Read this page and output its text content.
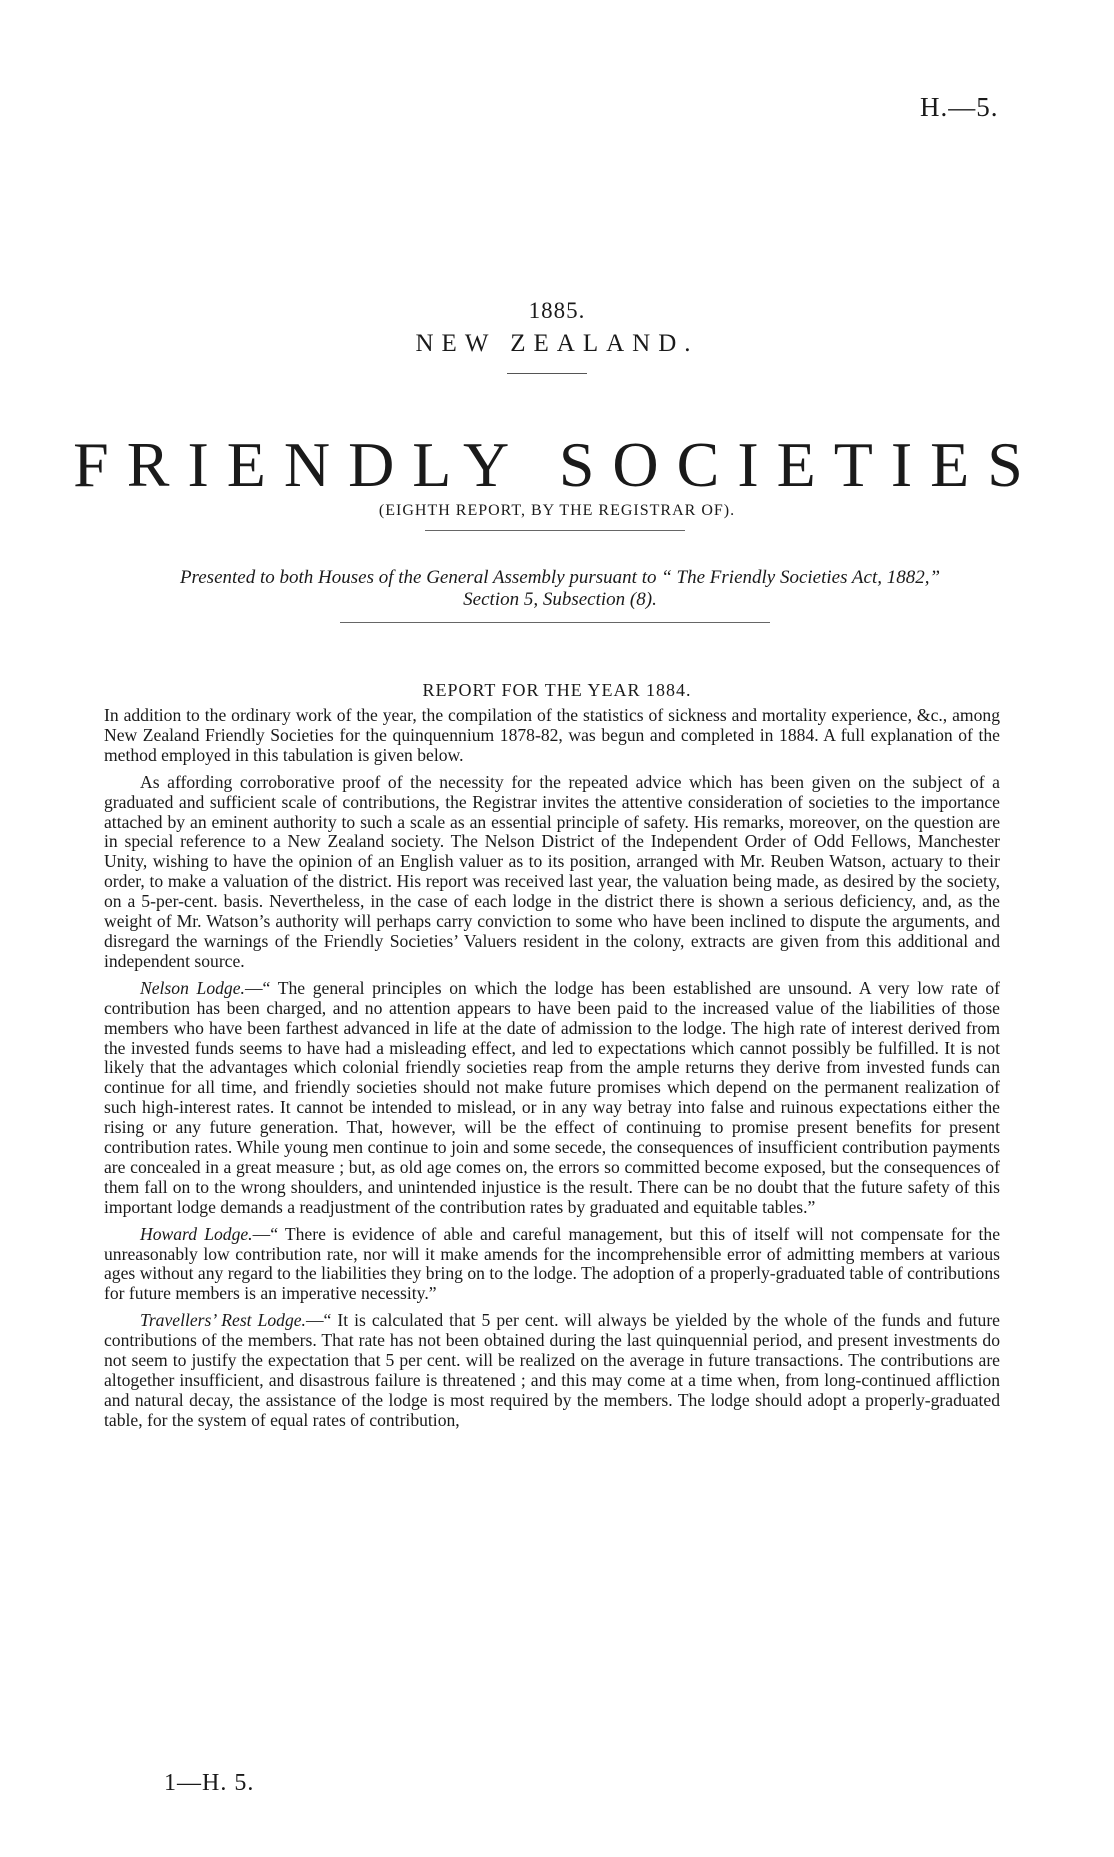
H.—5.
1885.
NEW ZEALAND.
FRIENDLY SOCIETIES
(EIGHTH REPORT, BY THE REGISTRAR OF).
Presented to both Houses of the General Assembly pursuant to “ The Friendly Societies Act, 1882,”
Section 5, Subsection (8).
REPORT FOR THE YEAR 1884.

In addition to the ordinary work of the year, the compilation of the statistics of sickness and mortality experience, &c., among New Zealand Friendly Societies for the quinquennium 1878-82, was begun and completed in 1884. A full explanation of the method employed in this tabulation is given below.

As affording corroborative proof of the necessity for the repeated advice which has been given on the subject of a graduated and sufficient scale of contributions, the Registrar invites the attentive consideration of societies to the importance attached by an eminent authority to such a scale as an essential principle of safety. His remarks, moreover, on the question are in special reference to a New Zealand society. The Nelson District of the Independent Order of Odd Fellows, Manchester Unity, wishing to have the opinion of an English valuer as to its position, arranged with Mr. Reuben Watson, actuary to their order, to make a valuation of the district. His report was received last year, the valuation being made, as desired by the society, on a 5-per-cent. basis. Nevertheless, in the case of each lodge in the district there is shown a serious deficiency, and, as the weight of Mr. Watson’s authority will perhaps carry conviction to some who have been inclined to dispute the arguments, and disregard the warnings of the Friendly Societies’ Valuers resident in the colony, extracts are given from this additional and independent source.

Nelson Lodge.—“ The general principles on which the lodge has been established are unsound. A very low rate of contribution has been charged, and no attention appears to have been paid to the increased value of the liabilities of those members who have been farthest advanced in life at the date of admission to the lodge. The high rate of interest derived from the invested funds seems to have had a misleading effect, and led to expectations which cannot possibly be fulfilled. It is not likely that the advantages which colonial friendly societies reap from the ample returns they derive from invested funds can continue for all time, and friendly societies should not make future promises which depend on the permanent realization of such high-interest rates. It cannot be intended to mislead, or in any way betray into false and ruinous expectations either the rising or any future generation. That, however, will be the effect of continuing to promise present benefits for present contribution rates. While young men continue to join and some secede, the consequences of insufficient contribution payments are concealed in a great measure ; but, as old age comes on, the errors so committed become exposed, but the consequences of them fall on to the wrong shoulders, and unintended injustice is the result. There can be no doubt that the future safety of this important lodge demands a readjustment of the contribution rates by graduated and equitable tables.”

Howard Lodge.—“ There is evidence of able and careful management, but this of itself will not compensate for the unreasonably low contribution rate, nor will it make amends for the incomprehensible error of admitting members at various ages without any regard to the liabilities they bring on to the lodge. The adoption of a properly-graduated table of contributions for future members is an imperative necessity.”

Travellers’ Rest Lodge.—“ It is calculated that 5 per cent. will always be yielded by the whole of the funds and future contributions of the members. That rate has not been obtained during the last quinquennial period, and present investments do not seem to justify the expectation that 5 per cent. will be realized on the average in future transactions. The contributions are altogether insufficient, and disastrous failure is threatened ; and this may come at a time when, from long-continued affliction and natural decay, the assistance of the lodge is most required by the members. The lodge should adopt a properly-graduated table, for the system of equal rates of contribution,

1—H. 5.
